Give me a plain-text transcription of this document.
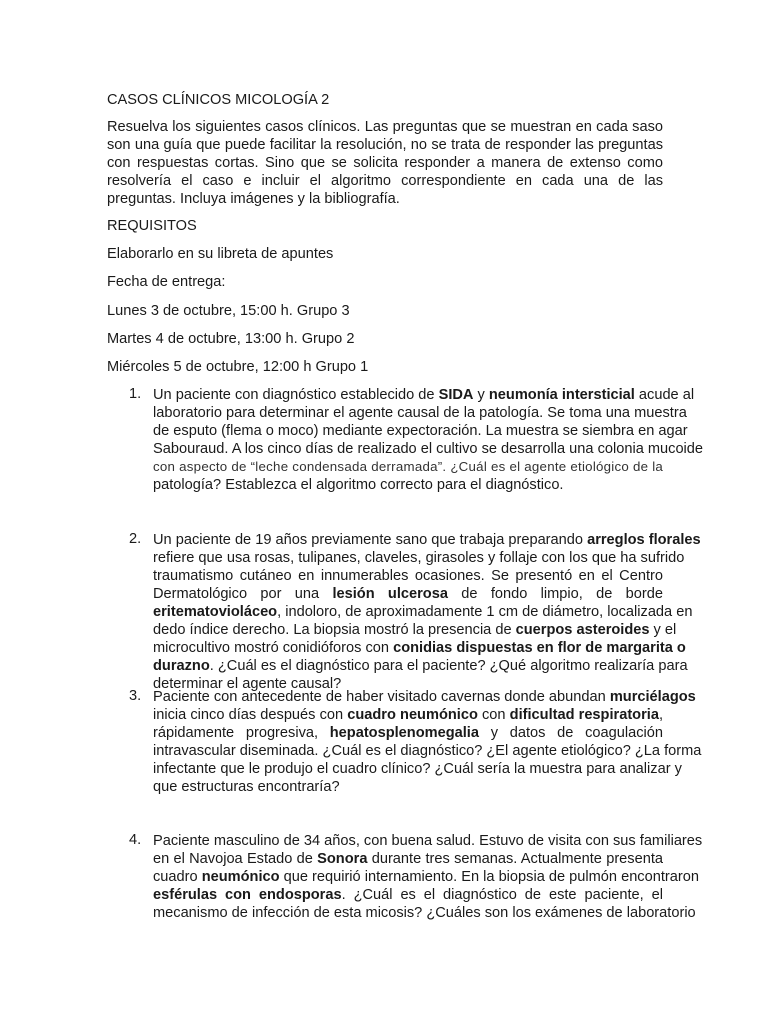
CASOS CLÍNICOS MICOLOGÍA 2
Resuelva los siguientes casos clínicos. Las preguntas que se muestran en cada saso son una guía que puede facilitar la resolución, no se trata de responder las preguntas con respuestas cortas. Sino que se solicita responder a manera de extenso como resolvería el caso e incluir el algoritmo correspondiente en cada una de las preguntas. Incluya imágenes y la bibliografía.
REQUISITOS
Elaborarlo en su libreta de apuntes
Fecha de entrega:
Lunes 3 de octubre, 15:00 h. Grupo 3
Martes 4 de octubre, 13:00 h. Grupo 2
Miércoles 5 de octubre, 12:00 h Grupo 1
1. Un paciente con diagnóstico establecido de SIDA y neumonía intersticial acude al
laboratorio para determinar el agente causal de la patología. Se toma una muestra
de esputo (flema o moco) mediante expectoración. La muestra se siembra en agar
Sabouraud. A los cinco días de realizado el cultivo se desarrolla una colonia mucoide
con aspecto de “leche condensada derramada”. ¿Cuál es el agente etiológico de la
patología? Establezca el algoritmo correcto para el diagnóstico.
2. Un paciente de 19 años previamente sano que trabaja preparando arreglos florales
refiere que usa rosas, tulipanes, claveles, girasoles y follaje con los que ha sufrido
traumatismo cutáneo en innumerables ocasiones. Se presentó en el Centro
Dermatológico por una lesión ulcerosa de fondo limpio, de borde
eritematovioláceo, indoloro, de aproximadamente 1 cm de diámetro, localizada en
dedo índice derecho. La biopsia mostró la presencia de cuerpos asteroides y el
microcultivo mostró conidióforos con conidias dispuestas en flor de margarita o
durazno. ¿Cuál es el diagnóstico para el paciente? ¿Qué algoritmo realizaría para
determinar el agente causal?
3. Paciente con antecedente de haber visitado cavernas donde abundan murciélagos
inicia cinco días después con cuadro neumónico con dificultad respiratoria,
rápidamente progresiva, hepatosplenomegalia y datos de coagulación
intravascular diseminada. ¿Cuál es el diagnóstico? ¿El agente etiológico? ¿La forma
infectante que le produjo el cuadro clínico? ¿Cuál sería la muestra para analizar y
que estructuras encontraría?
4. Paciente masculino de 34 años, con buena salud. Estuvo de visita con sus familiares
en el Navojoa Estado de Sonora durante tres semanas. Actualmente presenta
cuadro neumónico que requirió internamiento. En la biopsia de pulmón encontraron
esférulas con endosporas. ¿Cuál es el diagnóstico de este paciente, el
mecanismo de infección de esta micosis? ¿Cuáles son los exámenes de laboratorio
